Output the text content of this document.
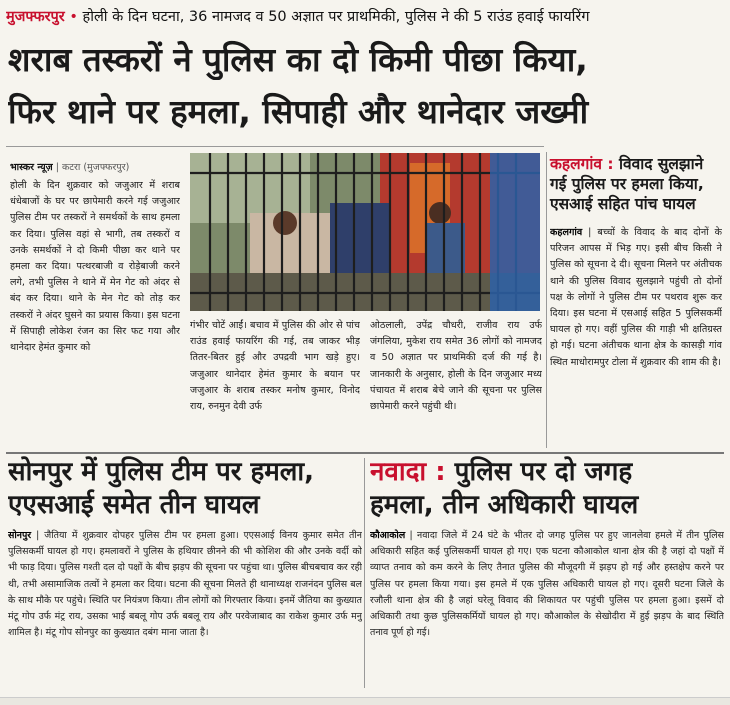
मुजफ्फरपुर • होली के दिन घटना, 36 नामजद व 50 अज्ञात पर प्राथमिकी, पुलिस ने की 5 राउंड हवाई फायरिंग
शराब तस्करों ने पुलिस का दो किमी पीछा किया,
फिर थाने पर हमला, सिपाही और थानेदार जख्मी
भास्कर न्यूज़ | कटरा (मुजफ्फरपुर)
होली के दिन शुक्रवार को जजुआर में शराब धंधेबाजों के घर पर छापेमारी करने गई जजुआर पुलिस टीम पर तस्करों ने समर्थकों के साथ हमला कर दिया। पुलिस वहां से भागी, तब तस्करों व उनके समर्थकों ने दो किमी पीछा कर थाने पर हमला कर दिया। पत्थरबाजी व रोड़ेबाजी करने लगे, तभी पुलिस ने थाने में मेन गेट को अंदर से बंद कर दिया। थाने के मेन गेट को तोड़ कर तस्करों ने अंदर घुसने का प्रयास किया। इस घटना में सिपाही लोकेश रंजन का सिर फट गया और थानेदार हेमंत कुमार को
गंभीर चोटें आईं। बचाव में पुलिस की ओर से पांच राउंड हवाई फायरिंग की गई, तब जाकर भीड़ तितर-बितर हुई और उपद्रवी भाग खड़े हुए। जजुआर थानेदार हेमंत कुमार के बयान पर जजुआर के शराब तस्कर मनोष कुमार, विनोद राय, रुनमुन देवी उर्फ
ओठलाली, उपेंद्र चौधरी, राजीव राय उर्फ जंगलिया, मुकेश राय समेत 36 लोगों को नामजद व 50 अज्ञात पर प्राथमिकी दर्ज की गई है। जानकारी के अनुसार, होली के दिन जजुआर मध्य पंचायत में शराब बेचे जाने की सूचना पर पुलिस छापेमारी करने पहुंची थी।
कहलगांव : विवाद सुलझाने गई पुलिस पर हमला किया, एसआई सहित पांच घायल
कहलगांव | बच्चों के विवाद के बाद दोनों के परिजन आपस में भिड़ गए। इसी बीच किसी ने पुलिस को सूचना दे दी। सूचना मिलने पर अंतीचक थाने की पुलिस विवाद सुलझाने पहुंची तो दोनों पक्ष के लोगों ने पुलिस टीम पर पथराव शुरू कर दिया। इस घटना में एसआई सहित 5 पुलिसकर्मी घायल हो गए। वहीं पुलिस की गाड़ी भी क्षतिग्रस्त हो गई। घटना अंतीचक थाना क्षेत्र के कासड़ी गांव स्थित माधोरामपुर टोला में शुक्रवार की शाम की है।
सोनपुर में पुलिस टीम पर हमला,
एएसआई समेत तीन घायल
सोनपुर | जैतिया में शुक्रवार दोपहर पुलिस टीम पर हमला हुआ। एएसआई विनय कुमार समेत तीन पुलिसकर्मी घायल हो गए। हमलावरों ने पुलिस के हथियार छीनने की भी कोशिश की और उनके वर्दी को भी फाड़ दिया। पुलिस गश्ती दल दो पक्षों के बीच झड़प की सूचना पर पहुंचा था। पुलिस बीचबचाव कर रही थी, तभी असामाजिक तत्वों ने हमला कर दिया। घटना की सूचना मिलते ही थानाध्यक्ष राजनंदन पुलिस बल के साथ मौके पर पहुंचे। स्थिति पर नियंत्रण किया। तीन लोगों को गिरफ्तार किया। इनमें जैतिया का कुख्यात मंटू गोप उर्फ मंट्र राय, उसका भाई बबलू गोप उर्फ बबलू राय और परवेजाबाद का राकेश कुमार उर्फ मनु शामिल है। मंटू गोप सोनपुर का कुख्यात दबंग माना जाता है।
नवादा : पुलिस पर दो जगह
हमला, तीन अधिकारी घायल
कौआकोल | नवादा जिले में 24 घंटे के भीतर दो जगह पुलिस पर हुए जानलेवा हमले में तीन पुलिस अधिकारी सहित कई पुलिसकर्मी घायल हो गए। एक घटना कौआकोल थाना क्षेत्र की है जहां दो पक्षों में व्याप्त तनाव को कम करने के लिए तैनात पुलिस की मौजूदगी में झड़प हो गई और हस्तक्षेप करने पर पुलिस पर हमला किया गया। इस हमले में एक पुलिस अधिकारी घायल हो गए। दूसरी घटना जिले के रजौली थाना क्षेत्र की है जहां घरेलू विवाद की शिकायत पर पहुंची पुलिस पर हमला हुआ। इसमें दो अधिकारी तथा कुछ पुलिसकर्मियों घायल हो गए। कौआकोल के सेखोदीरा में हुई झड़प के बाद स्थिति तनाव पूर्ण हो गई।
